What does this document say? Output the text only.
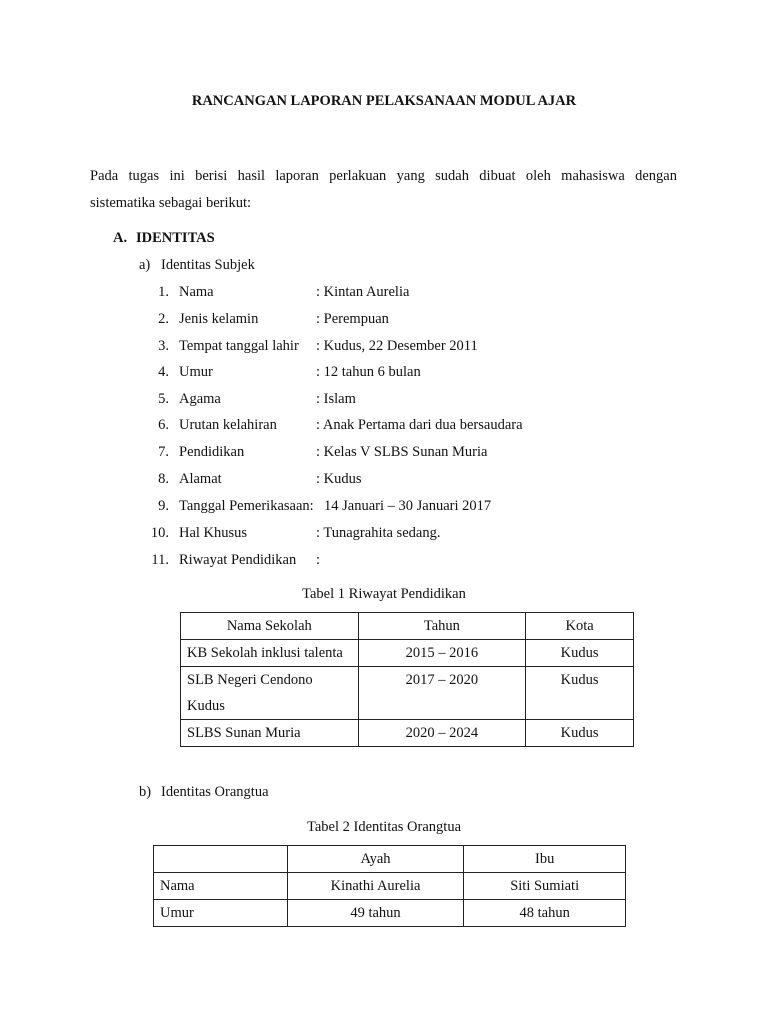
RANCANGAN LAPORAN PELAKSANAAN MODUL AJAR
Pada tugas ini berisi hasil laporan perlakuan yang sudah dibuat oleh mahasiswa dengan
sistematika sebagai berikut:
A. IDENTITAS
a) Identitas Subjek
1. Nama	: Kintan Aurelia
2. Jenis kelamin	: Perempuan
3. Tempat tanggal lahir : Kudus, 22 Desember 2011
4. Umur	: 12 tahun 6 bulan
5. Agama	: Islam
6. Urutan kelahiran	: Anak Pertama dari dua bersaudara
7. Pendidikan	: Kelas V SLBS Sunan Muria
8. Alamat	: Kudus
9. Tanggal Pemerikasaan: 14 Januari – 30 Januari 2017
10. Hal Khusus	: Tunagrahita sedang.
11. Riwayat Pendidikan :
Tabel 1 Riwayat Pendidikan
Nama Sekolah	Tahun	Kota
KB Sekolah inklusi talenta	2015 – 2016	Kudus
SLB Negeri Cendono
Kudus	2017 – 2020	Kudus
SLBS Sunan Muria	2020 – 2024	Kudus
b) Identitas Orangtua
Tabel 2 Identitas Orangtua
	Ayah	Ibu
Nama	Kinathi Aurelia	Siti Sumiati
Umur	49 tahun	48 tahun
